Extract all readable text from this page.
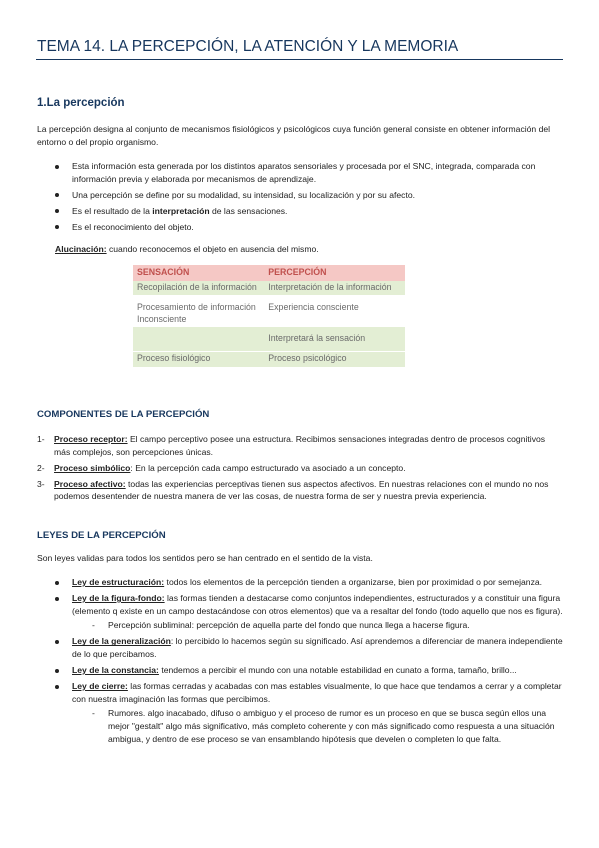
TEMA 14. LA PERCEPCIÓN, LA ATENCIÓN Y LA MEMORIA
1.La percepción

La percepción designa al conjunto de mecanismos fisiológicos y psicológicos cuya función general consiste en obtener información del entorno o del propio organismo.

Esta información esta generada por los distintos aparatos sensoriales y procesada por el SNC, integrada, comparada con información previa y elaborada por mecanismos de aprendizaje.
Una percepción se define por su modalidad, su intensidad, su localización y por su afecto.
Es el resultado de la interpretación de las sensaciones.
Es el reconocimiento del objeto.

Alucinación: cuando reconocemos el objeto en ausencia del mismo.

SENSACIÓN	PERCEPCIÓN
Recopilación de la información	Interpretación de la información
Procesamiento de información Inconsciente	Experiencia consciente
	Interpretará la sensación
Proceso fisiológico	Proceso psicológico
COMPONENTES DE LA PERCEPCIÓN
1- Proceso receptor: El campo perceptivo posee una estructura. Recibimos sensaciones integradas dentro de procesos cognitivos más complejos, son percepciones únicas.
2- Proceso simbólico: En la percepción cada campo estructurado va asociado a un concepto.
3- Proceso afectivo: todas las experiencias perceptivas tienen sus aspectos afectivos. En nuestras relaciones con el mundo no nos podemos desentender de nuestra manera de ver las cosas, de nuestra forma de ser y nuestra previa experiencia.
LEYES DE LA PERCEPCIÓN

Son leyes validas para todos los sentidos pero se han centrado en el sentido de la vista.

Ley de estructuración: todos los elementos de la percepción tienden a organizarse, bien por proximidad o por semejanza.
Ley de la figura-fondo: las formas tienden a destacarse como conjuntos independientes, estructurados y a constituir una figura (elemento q existe en un campo destacándose con otros elementos) que va a resaltar del fondo (todo aquello que nos es figura).
- Percepción subliminal: percepción de aquella parte del fondo que nunca llega a hacerse figura.
Ley de la generalización: lo percibido lo hacemos según su significado. Así aprendemos a diferenciar de manera independiente de lo que percibamos.
Ley de la constancia: tendemos a percibir el mundo con una notable estabilidad en cunato a forma, tamaño, brillo...
Ley de cierre: las formas cerradas y acabadas con mas estables visualmente, lo que hace que tendamos a cerrar y a completar con nuestra imaginación las formas que percibimos.
- Rumores. algo inacabado, difuso o ambiguo y el proceso de rumor es un proceso en que se busca según ellos una mejor "gestalt" algo más significativo, más completo coherente y con más significado como respuesta a una situación ambigua, y dentro de ese proceso se van ensamblando hipótesis que develen o completen lo que falta.
